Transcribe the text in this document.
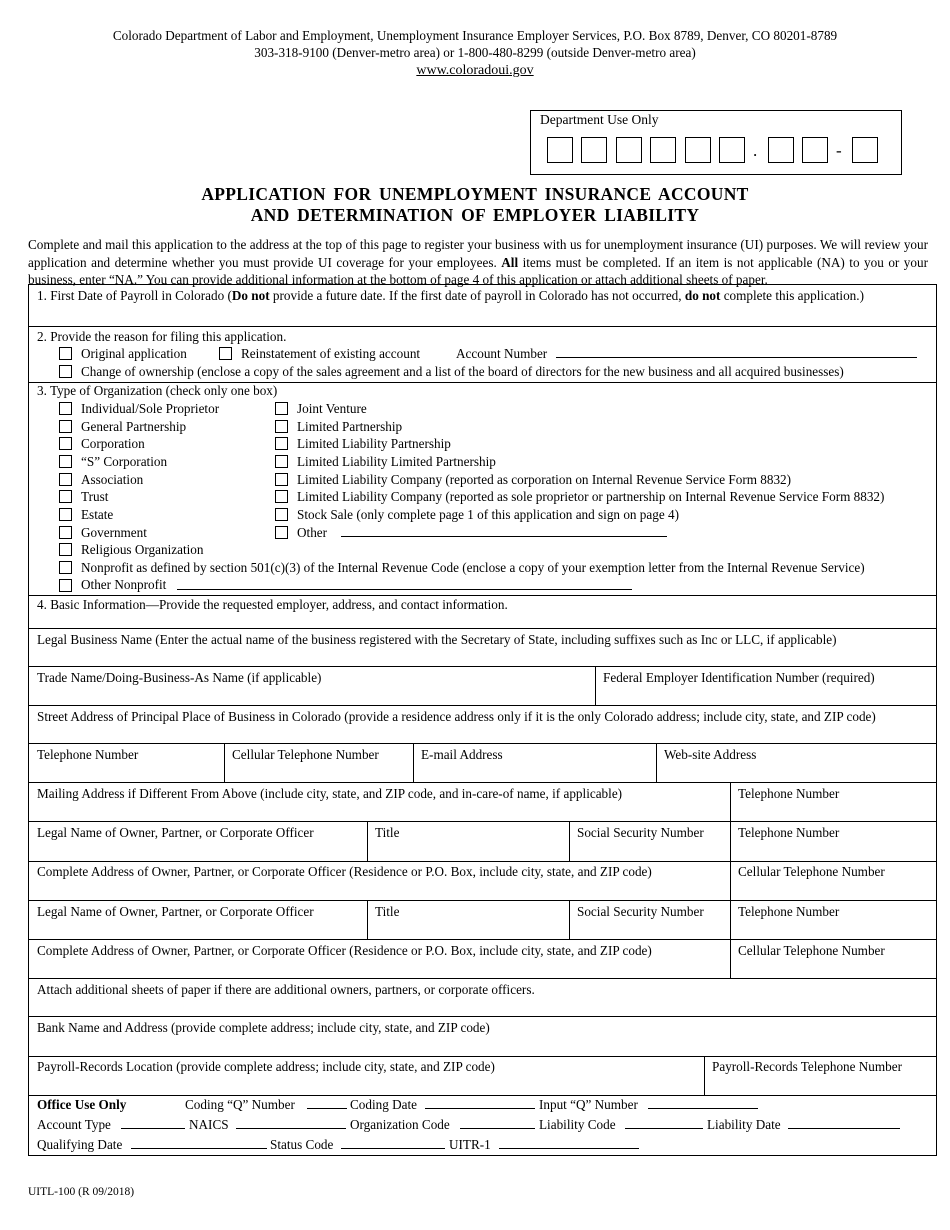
Colorado Department of Labor and Employment, Unemployment Insurance Employer Services, P.O. Box 8789, Denver, CO 80201-8789
303-318-9100 (Denver-metro area) or 1-800-480-8299 (outside Denver-metro area)
www.coloradoui.gov
Department Use Only
.	-
APPLICATION FOR UNEMPLOYMENT INSURANCE ACCOUNT
AND DETERMINATION OF EMPLOYER LIABILITY
Complete and mail this application to the address at the top of this page to register your business with us for unemployment insurance (UI) purposes. We will review your application and determine whether you must provide UI coverage for your employees. All items must be completed. If an item is not applicable (NA) to you or your business, enter “NA.” You can provide additional information at the bottom of page 4 of this application or attach additional sheets of paper.
1. First Date of Payroll in Colorado (Do not provide a future date. If the first date of payroll in Colorado has not occurred, do not complete this application.)
2. Provide the reason for filing this application.
Original application	Reinstatement of existing account	Account Number
Change of ownership (enclose a copy of the sales agreement and a list of the board of directors for the new business and all acquired businesses)
3. Type of Organization (check only one box)
Individual/Sole Proprietor
General Partnership
Corporation
“S” Corporation
Association
Trust
Estate
Government
Religious Organization
Joint Venture
Limited Partnership
Limited Liability Partnership
Limited Liability Limited Partnership
Limited Liability Company (reported as corporation on Internal Revenue Service Form 8832)
Limited Liability Company (reported as sole proprietor or partnership on Internal Revenue Service Form 8832)
Stock Sale (only complete page 1 of this application and sign on page 4)
Other
Nonprofit as defined by section 501(c)(3) of the Internal Revenue Code (enclose a copy of your exemption letter from the Internal Revenue Service)
Other Nonprofit
4. Basic Information—Provide the requested employer, address, and contact information.
Legal Business Name (Enter the actual name of the business registered with the Secretary of State, including suffixes such as Inc or LLC, if applicable)
Trade Name/Doing-Business-As Name (if applicable)	Federal Employer Identification Number (required)
Street Address of Principal Place of Business in Colorado (provide a residence address only if it is the only Colorado address; include city, state, and ZIP code)
Telephone Number	Cellular Telephone Number	E-mail Address	Web-site Address
Mailing Address if Different From Above (include city, state, and ZIP code, and in-care-of name, if applicable)	Telephone Number
Legal Name of Owner, Partner, or Corporate Officer	Title	Social Security Number	Telephone Number
Complete Address of Owner, Partner, or Corporate Officer (Residence or P.O. Box, include city, state, and ZIP code)	Cellular Telephone Number
Legal Name of Owner, Partner, or Corporate Officer	Title	Social Security Number	Telephone Number
Complete Address of Owner, Partner, or Corporate Officer (Residence or P.O. Box, include city, state, and ZIP code)	Cellular Telephone Number
Attach additional sheets of paper if there are additional owners, partners, or corporate officers.
Bank Name and Address (provide complete address; include city, state, and ZIP code)
Payroll-Records Location (provide complete address; include city, state, and ZIP code)	Payroll-Records Telephone Number
Office Use Only	Coding “Q” Number	Coding Date	Input “Q” Number
Account Type	NAICS	Organization Code	Liability Code	Liability Date
Qualifying Date	Status Code	UITR-1
UITL-100 (R 09/2018)
